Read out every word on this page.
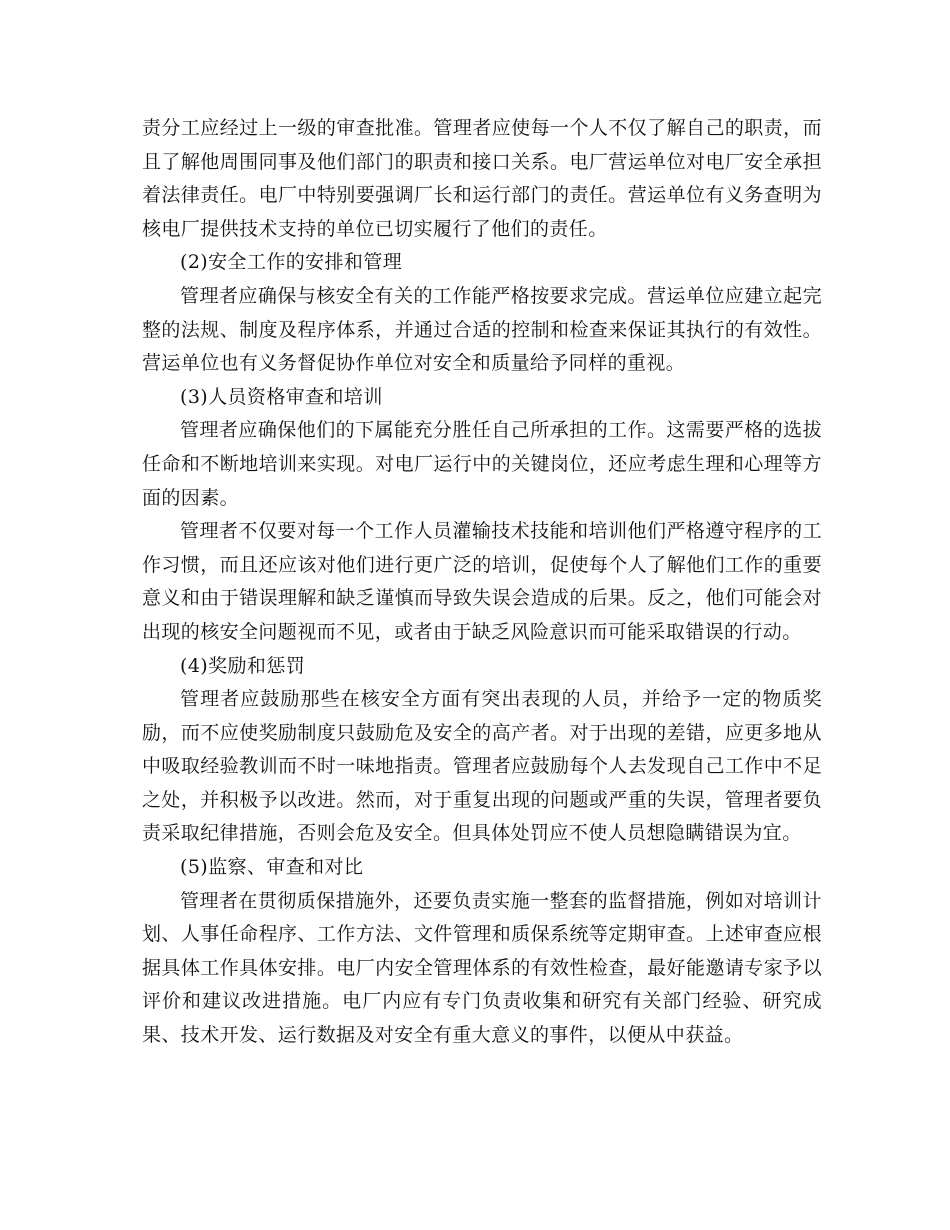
责分工应经过上一级的审查批准。管理者应使每一个人不仅了解自己的职责，而且了解他周围同事及他们部门的职责和接口关系。电厂营运单位对电厂安全承担着法律责任。电厂中特别要强调厂长和运行部门的责任。营运单位有义务查明为核电厂提供技术支持的单位已切实履行了他们的责任。

(2)安全工作的安排和管理

管理者应确保与核安全有关的工作能严格按要求完成。营运单位应建立起完整的法规、制度及程序体系，并通过合适的控制和检查来保证其执行的有效性。营运单位也有义务督促协作单位对安全和质量给予同样的重视。

(3)人员资格审查和培训

管理者应确保他们的下属能充分胜任自己所承担的工作。这需要严格的选拔任命和不断地培训来实现。对电厂运行中的关键岗位，还应考虑生理和心理等方面的因素。

管理者不仅要对每一个工作人员灌输技术技能和培训他们严格遵守程序的工作习惯，而且还应该对他们进行更广泛的培训，促使每个人了解他们工作的重要意义和由于错误理解和缺乏谨慎而导致失误会造成的后果。反之，他们可能会对出现的核安全问题视而不见，或者由于缺乏风险意识而可能采取错误的行动。

(4)奖励和惩罚

管理者应鼓励那些在核安全方面有突出表现的人员，并给予一定的物质奖励，而不应使奖励制度只鼓励危及安全的高产者。对于出现的差错，应更多地从中吸取经验教训而不时一味地指责。管理者应鼓励每个人去发现自己工作中不足之处，并积极予以改进。然而，对于重复出现的问题或严重的失误，管理者要负责采取纪律措施，否则会危及安全。但具体处罚应不使人员想隐瞒错误为宜。

(5)监察、审查和对比

管理者在贯彻质保措施外，还要负责实施一整套的监督措施，例如对培训计划、人事任命程序、工作方法、文件管理和质保系统等定期审查。上述审查应根据具体工作具体安排。电厂内安全管理体系的有效性检查，最好能邀请专家予以评价和建议改进措施。电厂内应有专门负责收集和研究有关部门经验、研究成果、技术开发、运行数据及对安全有重大意义的事件，以便从中获益。
